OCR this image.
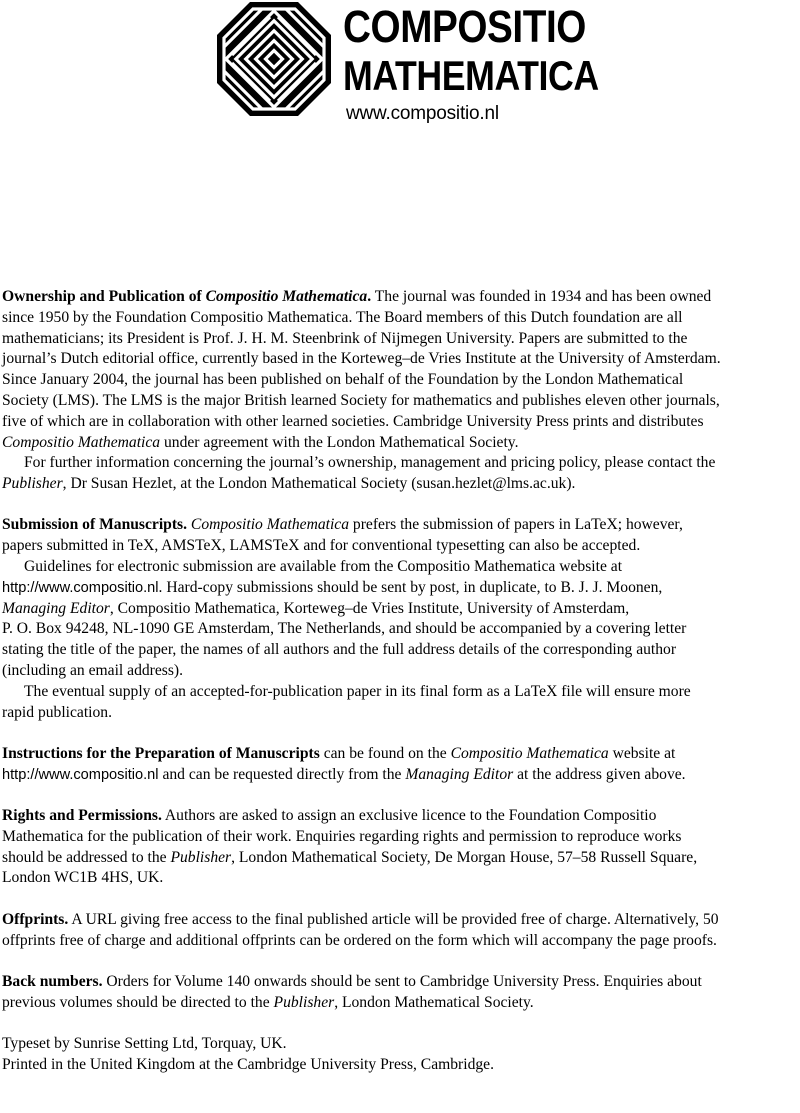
COMPOSITIO
MATHEMATICA
www.compositio.nl
Ownership and Publication of Compositio Mathematica. The journal was founded in 1934 and has been owned
since 1950 by the Foundation Compositio Mathematica. The Board members of this Dutch foundation are all
mathematicians; its President is Prof. J. H. M. Steenbrink of Nijmegen University. Papers are submitted to the
journal’s Dutch editorial office, currently based in the Korteweg–de Vries Institute at the University of Amsterdam.
Since January 2004, the journal has been published on behalf of the Foundation by the London Mathematical
Society (LMS). The LMS is the major British learned Society for mathematics and publishes eleven other journals,
five of which are in collaboration with other learned societies. Cambridge University Press prints and distributes
Compositio Mathematica under agreement with the London Mathematical Society.
For further information concerning the journal’s ownership, management and pricing policy, please contact the
Publisher, Dr Susan Hezlet, at the London Mathematical Society (susan.hezlet@lms.ac.uk).
Submission of Manuscripts. Compositio Mathematica prefers the submission of papers in LaTeX; however,
papers submitted in TeX, AMSTeX, LAMSTeX and for conventional typesetting can also be accepted.
Guidelines for electronic submission are available from the Compositio Mathematica website at
http://www.compositio.nl. Hard-copy submissions should be sent by post, in duplicate, to B. J. J. Moonen,
Managing Editor, Compositio Mathematica, Korteweg–de Vries Institute, University of Amsterdam,
P. O. Box 94248, NL-1090 GE Amsterdam, The Netherlands, and should be accompanied by a covering letter
stating the title of the paper, the names of all authors and the full address details of the corresponding author
(including an email address).
The eventual supply of an accepted-for-publication paper in its final form as a LaTeX file will ensure more
rapid publication.
Instructions for the Preparation of Manuscripts can be found on the Compositio Mathematica website at
http://www.compositio.nl and can be requested directly from the Managing Editor at the address given above.
Rights and Permissions. Authors are asked to assign an exclusive licence to the Foundation Compositio
Mathematica for the publication of their work. Enquiries regarding rights and permission to reproduce works
should be addressed to the Publisher, London Mathematical Society, De Morgan House, 57–58 Russell Square,
London WC1B 4HS, UK.
Offprints. A URL giving free access to the final published article will be provided free of charge. Alternatively, 50
offprints free of charge and additional offprints can be ordered on the form which will accompany the page proofs.
Back numbers. Orders for Volume 140 onwards should be sent to Cambridge University Press. Enquiries about
previous volumes should be directed to the Publisher, London Mathematical Society.
Typeset by Sunrise Setting Ltd, Torquay, UK.
Printed in the United Kingdom at the Cambridge University Press, Cambridge.
